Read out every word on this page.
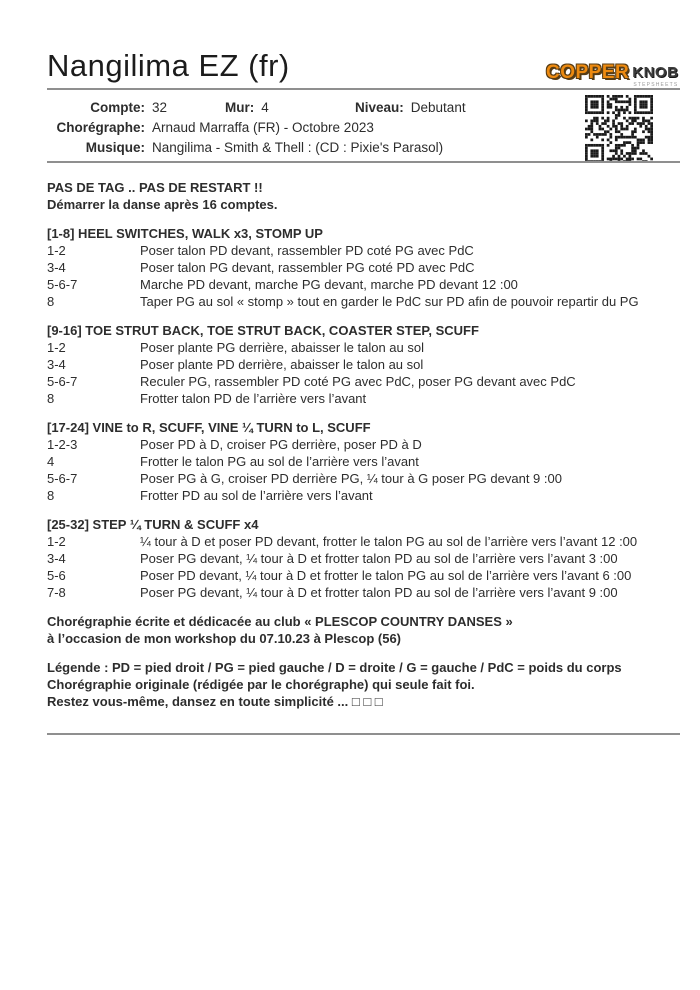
COPPER KNOB
STEPSHEETS
Nangilima EZ (fr)
Compte: 32	Mur: 4	Niveau: Debutant
Chorégraphe: Arnaud Marraffa (FR) - Octobre 2023
Musique: Nangilima - Smith & Thell : (CD : Pixie's Parasol)
PAS DE TAG .. PAS DE RESTART !!
Démarrer la danse après 16 comptes.
[1-8] HEEL SWITCHES, WALK x3, STOMP UP
1-2	Poser talon PD devant, rassembler PD coté PG avec PdC
3-4	Poser talon PG devant, rassembler PG coté PD avec PdC
5-6-7	Marche PD devant, marche PG devant, marche PD devant 12 :00
8	Taper PG au sol « stomp » tout en garder le PdC sur PD afin de pouvoir repartir du PG
[9-16] TOE STRUT BACK, TOE STRUT BACK, COASTER STEP, SCUFF
1-2	Poser plante PG derrière, abaisser le talon au sol
3-4	Poser plante PD derrière, abaisser le talon au sol
5-6-7	Reculer PG, rassembler PD coté PG avec PdC, poser PG devant avec PdC
8	Frotter talon PD de l’arrière vers l’avant
[17-24] VINE to R, SCUFF, VINE ¼ TURN to L, SCUFF
1-2-3	Poser PD à D, croiser PG derrière, poser PD à D
4	Frotter le talon PG au sol de l’arrière vers l’avant
5-6-7	Poser PG à G, croiser PD derrière PG, ¼ tour à G poser PG devant 9 :00
8	Frotter PD au sol de l’arrière vers l’avant
[25-32] STEP ¼ TURN & SCUFF x4
1-2	¼ tour à D et poser PD devant, frotter le talon PG au sol de l’arrière vers l’avant 12 :00
3-4	Poser PG devant, ¼ tour à D et frotter talon PD au sol de l’arrière vers l’avant 3 :00
5-6	Poser PD devant, ¼ tour à D et frotter le talon PG au sol de l’arrière vers l’avant 6 :00
7-8	Poser PG devant, ¼ tour à D et frotter talon PD au sol de l’arrière vers l’avant 9 :00
Chorégraphie écrite et dédicacée au club « PLESCOP COUNTRY DANSES »
à l’occasion de mon workshop du 07.10.23 à Plescop (56)
Légende : PD = pied droit / PG = pied gauche / D = droite / G = gauche / PdC = poids du corps
Chorégraphie originale (rédigée par le chorégraphe) qui seule fait foi.
Restez vous-même, dansez en toute simplicité ... □ □ □
